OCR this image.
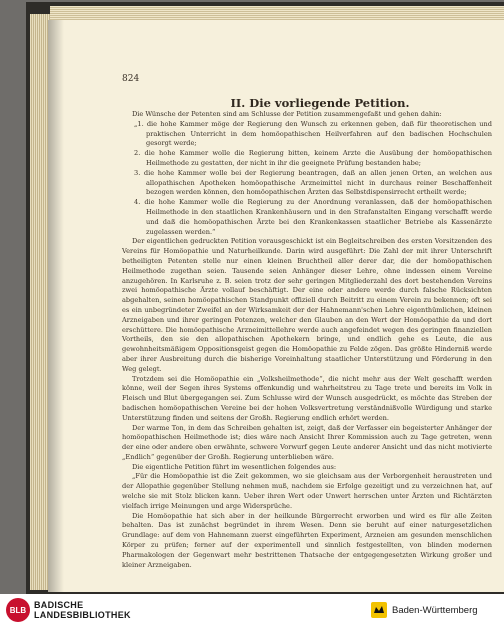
824
II. Die vorliegende Petition.

Die Wünsche der Petenten sind am Schlusse der Petition zusammengefaßt und gehen dahin:

„1. die hohe Kammer möge der Regierung den Wunsch zu erkennen geben, daß für theoretischen und praktischen Unterricht in dem homöopathischen Heilverfahren auf den badischen Hochschulen gesorgt werde;
2. die hohe Kammer wolle die Regierung bitten, keinem Arzte die Ausübung der homöopathischen Heilmethode zu gestatten, der nicht in ihr die geeignete Prüfung bestanden habe;
3. die hohe Kammer wolle bei der Regierung beantragen, daß an allen jenen Orten, an welchen aus allopathischen Apotheken homöopathische Arzneimittel nicht in durchaus reiner Beschaffenheit bezogen werden können, den homöopathischen Ärzten das Selbstdispensirrecht ertheilt werde;
4. die hohe Kammer wolle die Regierung zu der Anordnung veranlassen, daß der homöopathischen Heilmethode in den staatlichen Krankenhäusern und in den Strafanstalten Eingang verschafft werde und daß die homöopathischen Ärzte bei den Krankenkassen staatlicher Betriebe als Kassenärzte zugelassen werden.“

Der eigentlichen gedruckten Petition vorausgeschickt ist ein Begleitschreiben des ersten Vorsitzenden des Vereins für Homöopathie und Naturheilkunde. Darin wird ausgeführt: Die Zahl der mit ihrer Unterschrift betheiligten Petenten stelle nur einen kleinen Bruchtheil aller derer dar, die der homöopathischen Heilmethode zugethan seien. Tausende seien Anhänger dieser Lehre, ohne indessen einem Vereine anzugehören. In Karlsruhe z. B. seien trotz der sehr geringen Mitgliederzahl des dort bestehenden Vereins zwei homöopathische Ärzte vollauf beschäftigt. Der eine oder andere werde durch falsche Rücksichten abgehalten, seinen homöopathischen Standpunkt offiziell durch Beitritt zu einem Verein zu bekennen; oft sei es ein unbegründeter Zweifel an der Wirksamkeit der der Hahnemann'schen Lehre eigenthümlichen, kleinen Arzneigaben und ihrer geringen Potenzen, welcher den Glauben an den Wert der Homöopathie da und dort erschüttere. Die homöopathische Arzneimittellehre werde auch angefeindet wegen des geringen finanziellen Vortheils, den sie den allopathischen Apothekern bringe, und endlich gehe es Leute, die aus gewohnheitsmäßigem Oppositionsgeist gegen die Homöopathie zu Felde zögen. Das größte Hinderniß werde aber ihrer Ausbreitung durch die bisherige Voreinhaltung staatlicher Unterstützung und Förderung in den Weg gelegt.

Trotzdem sei die Homöopathie ein „Volksheilmethode“, die nicht mehr aus der Welt geschafft werden könne, weil der Segen ihres Systems offenkundig und wahrheitstreu zu Tage trete und bereits im Volk in Fleisch und Blut übergegangen sei. Zum Schlusse wird der Wunsch ausgedrückt, es möchte das Streben der badischen homöopathischen Vereine bei der hohen Volksvertretung verständnißvolle Würdigung und starke Unterstützung finden und seitens der Großh. Regierung endlich erhört werden.

Der warme Ton, in dem das Schreiben gehalten ist, zeigt, daß der Verfasser ein begeisterter Anhänger der homöopathischen Heilmethode ist; dies wäre nach Ansicht Ihrer Kommission auch zu Tage getreten, wenn der eine oder andere oben erwähnte, schwere Vorwurf gegen Leute anderer Ansicht und das nicht motivierte „Endlich“ gegenüber der Großh. Regierung unterblieben wäre.

Die eigentliche Petition führt im wesentlichen folgendes aus:

„Für die Homöopathie ist die Zeit gekommen, wo sie gleichsam aus der Verborgenheit heraustreten und der Allopathie gegenüber Stellung nehmen muß, nachdem sie Erfolge gezeitigt und zu verzeichnen hat, auf welche sie mit Stolz blicken kann. Ueber ihren Wert oder Unwert herrschen unter Ärzten und Richtärzten vielfach irrige Meinungen und arge Widersprüche.

Die Homöopathie hat sich aber in der heilkunde Bürgerrecht erworben und wird es für alle Zeiten behalten. Das ist zunächst begründet in ihrem Wesen. Denn sie beruht auf einer naturgesetzlichen Grundlage: auf dem von Hahnemann zuerst eingeführten Experiment, Arzneien am gesunden menschlichen Körper zu prüfen; ferner auf der experimentell und sinnlich festgestellten, von blinden modernen Pharmakologen der Gegenwart mehr bestrittenen Thatsache der entgegengesetzten Wirkung großer und kleiner Arzneigaben.

BLB BADISCHE
LANDESBIBLIOTHEK	Baden-Württemberg
